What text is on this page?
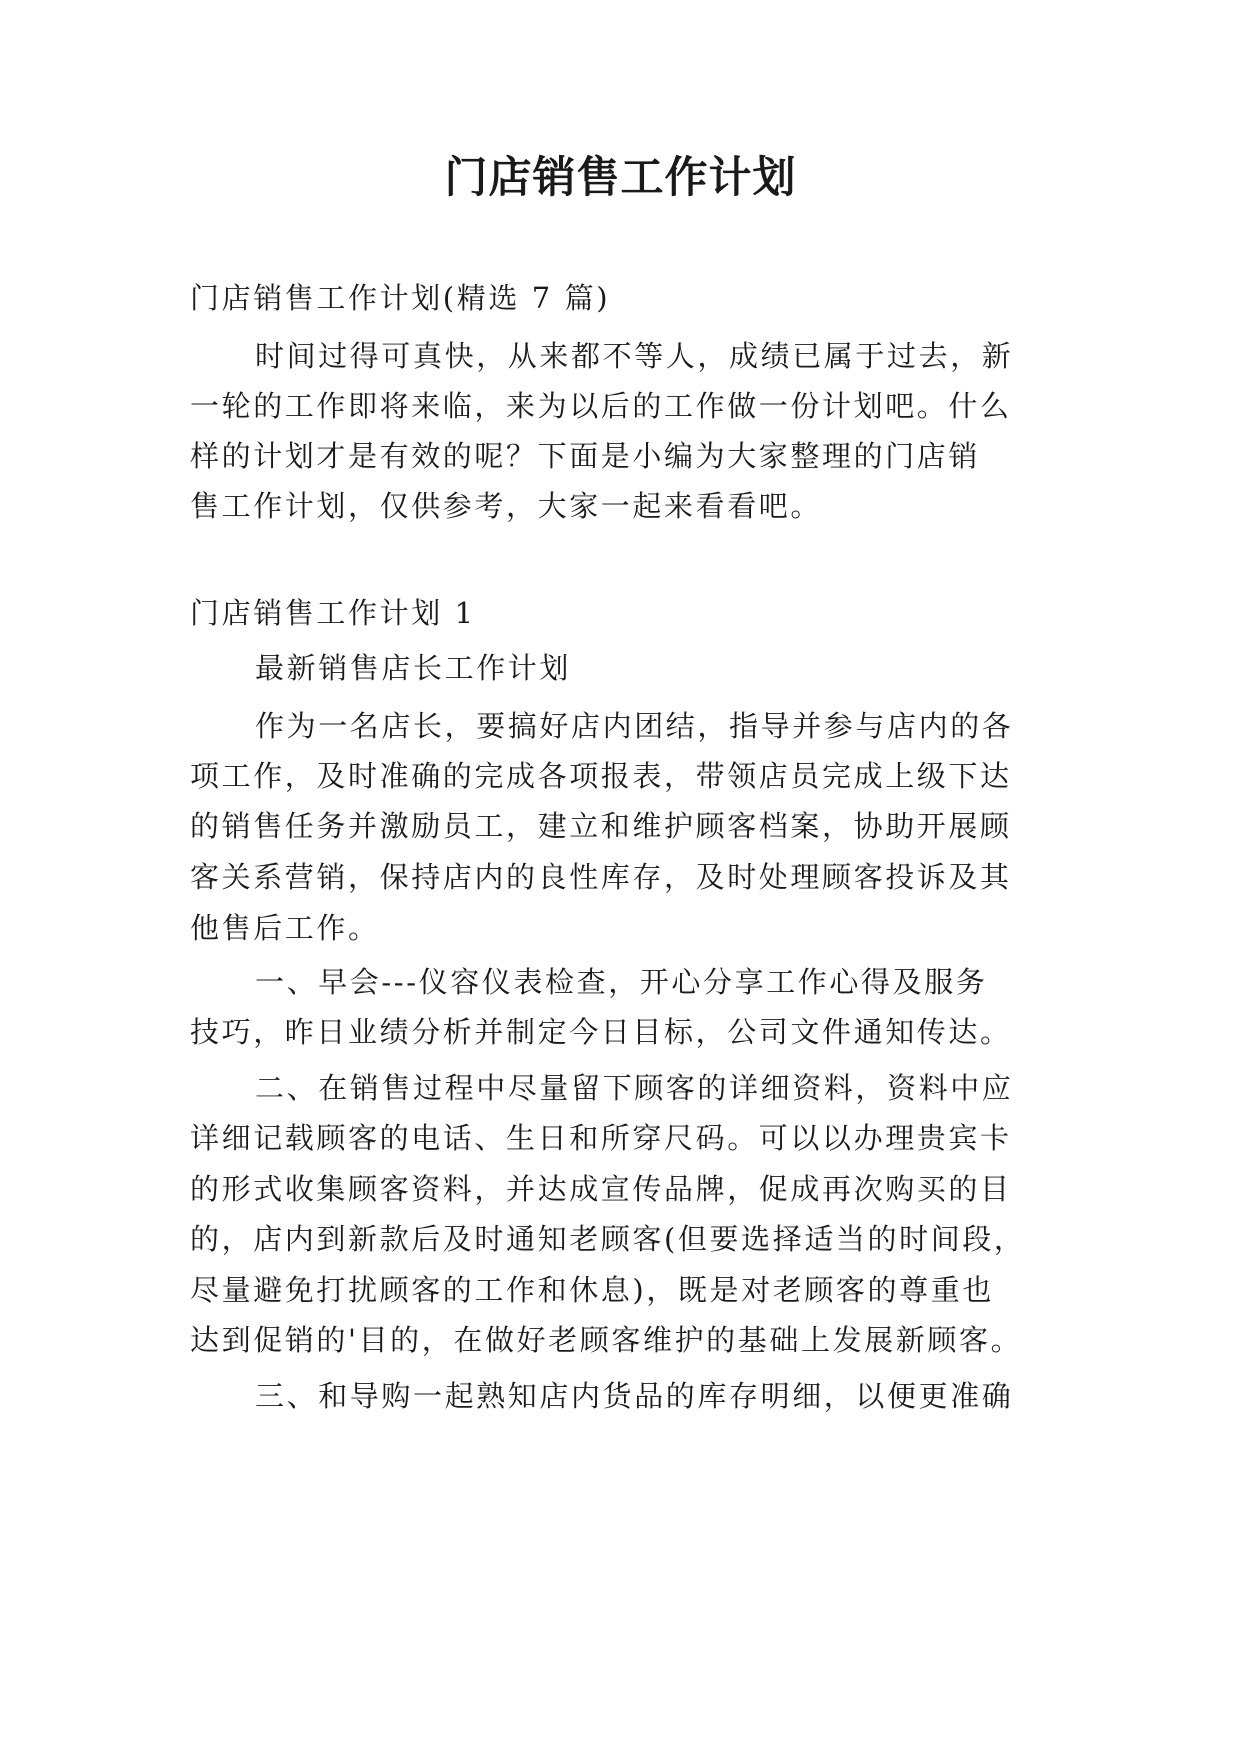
门店销售工作计划
门店销售工作计划(精选 7 篇)
时间过得可真快，从来都不等人，成绩已属于过去，新
一轮的工作即将来临，来为以后的工作做一份计划吧。什么
样的计划才是有效的呢？下面是小编为大家整理的门店销
售工作计划，仅供参考，大家一起来看看吧。
门店销售工作计划 1
最新销售店长工作计划
作为一名店长，要搞好店内团结，指导并参与店内的各
项工作，及时准确的完成各项报表，带领店员完成上级下达
的销售任务并激励员工，建立和维护顾客档案，协助开展顾
客关系营销，保持店内的良性库存，及时处理顾客投诉及其
他售后工作。
一、早会---仪容仪表检查，开心分享工作心得及服务
技巧，昨日业绩分析并制定今日目标，公司文件通知传达。
二、在销售过程中尽量留下顾客的详细资料，资料中应
详细记载顾客的电话、生日和所穿尺码。可以以办理贵宾卡
的形式收集顾客资料，并达成宣传品牌，促成再次购买的目
的，店内到新款后及时通知老顾客(但要选择适当的时间段，
尽量避免打扰顾客的工作和休息)，既是对老顾客的尊重也
达到促销的'目的，在做好老顾客维护的基础上发展新顾客。
三、和导购一起熟知店内货品的库存明细，以便更准确
